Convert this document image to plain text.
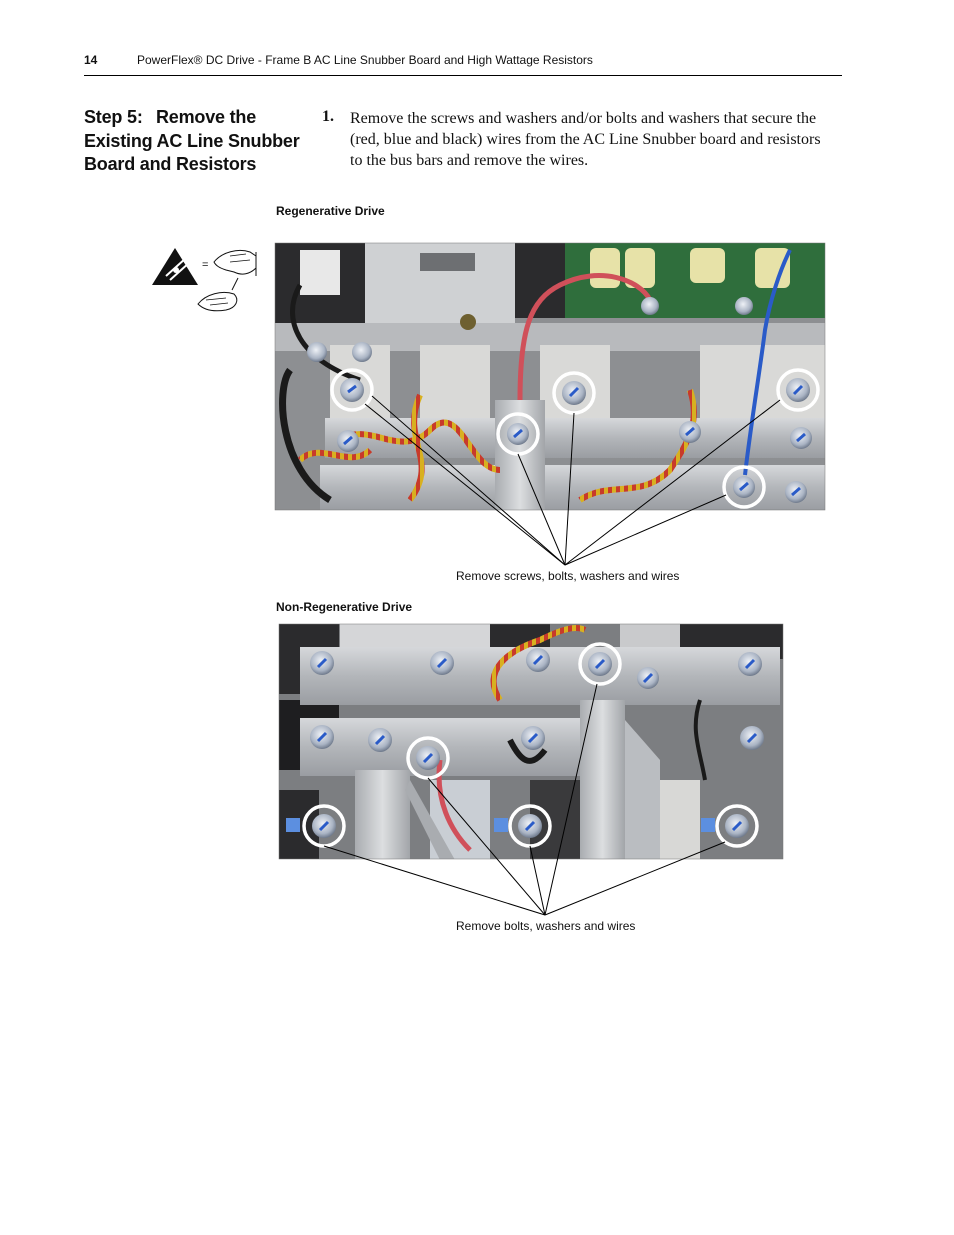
14	PowerFlex® DC Drive - Frame B AC Line Snubber Board and High Wattage Resistors
Step 5: Remove the Existing AC Line Snubber Board and Resistors
1. Remove the screws and washers and/or bolts and washers that secure the (red, blue and black) wires from the AC Line Snubber board and resistors to the bus bars and remove the wires.
Regenerative Drive
Non-Regenerative Drive
Remove screws, bolts, washers and wires
Remove bolts, washers and wires
=
